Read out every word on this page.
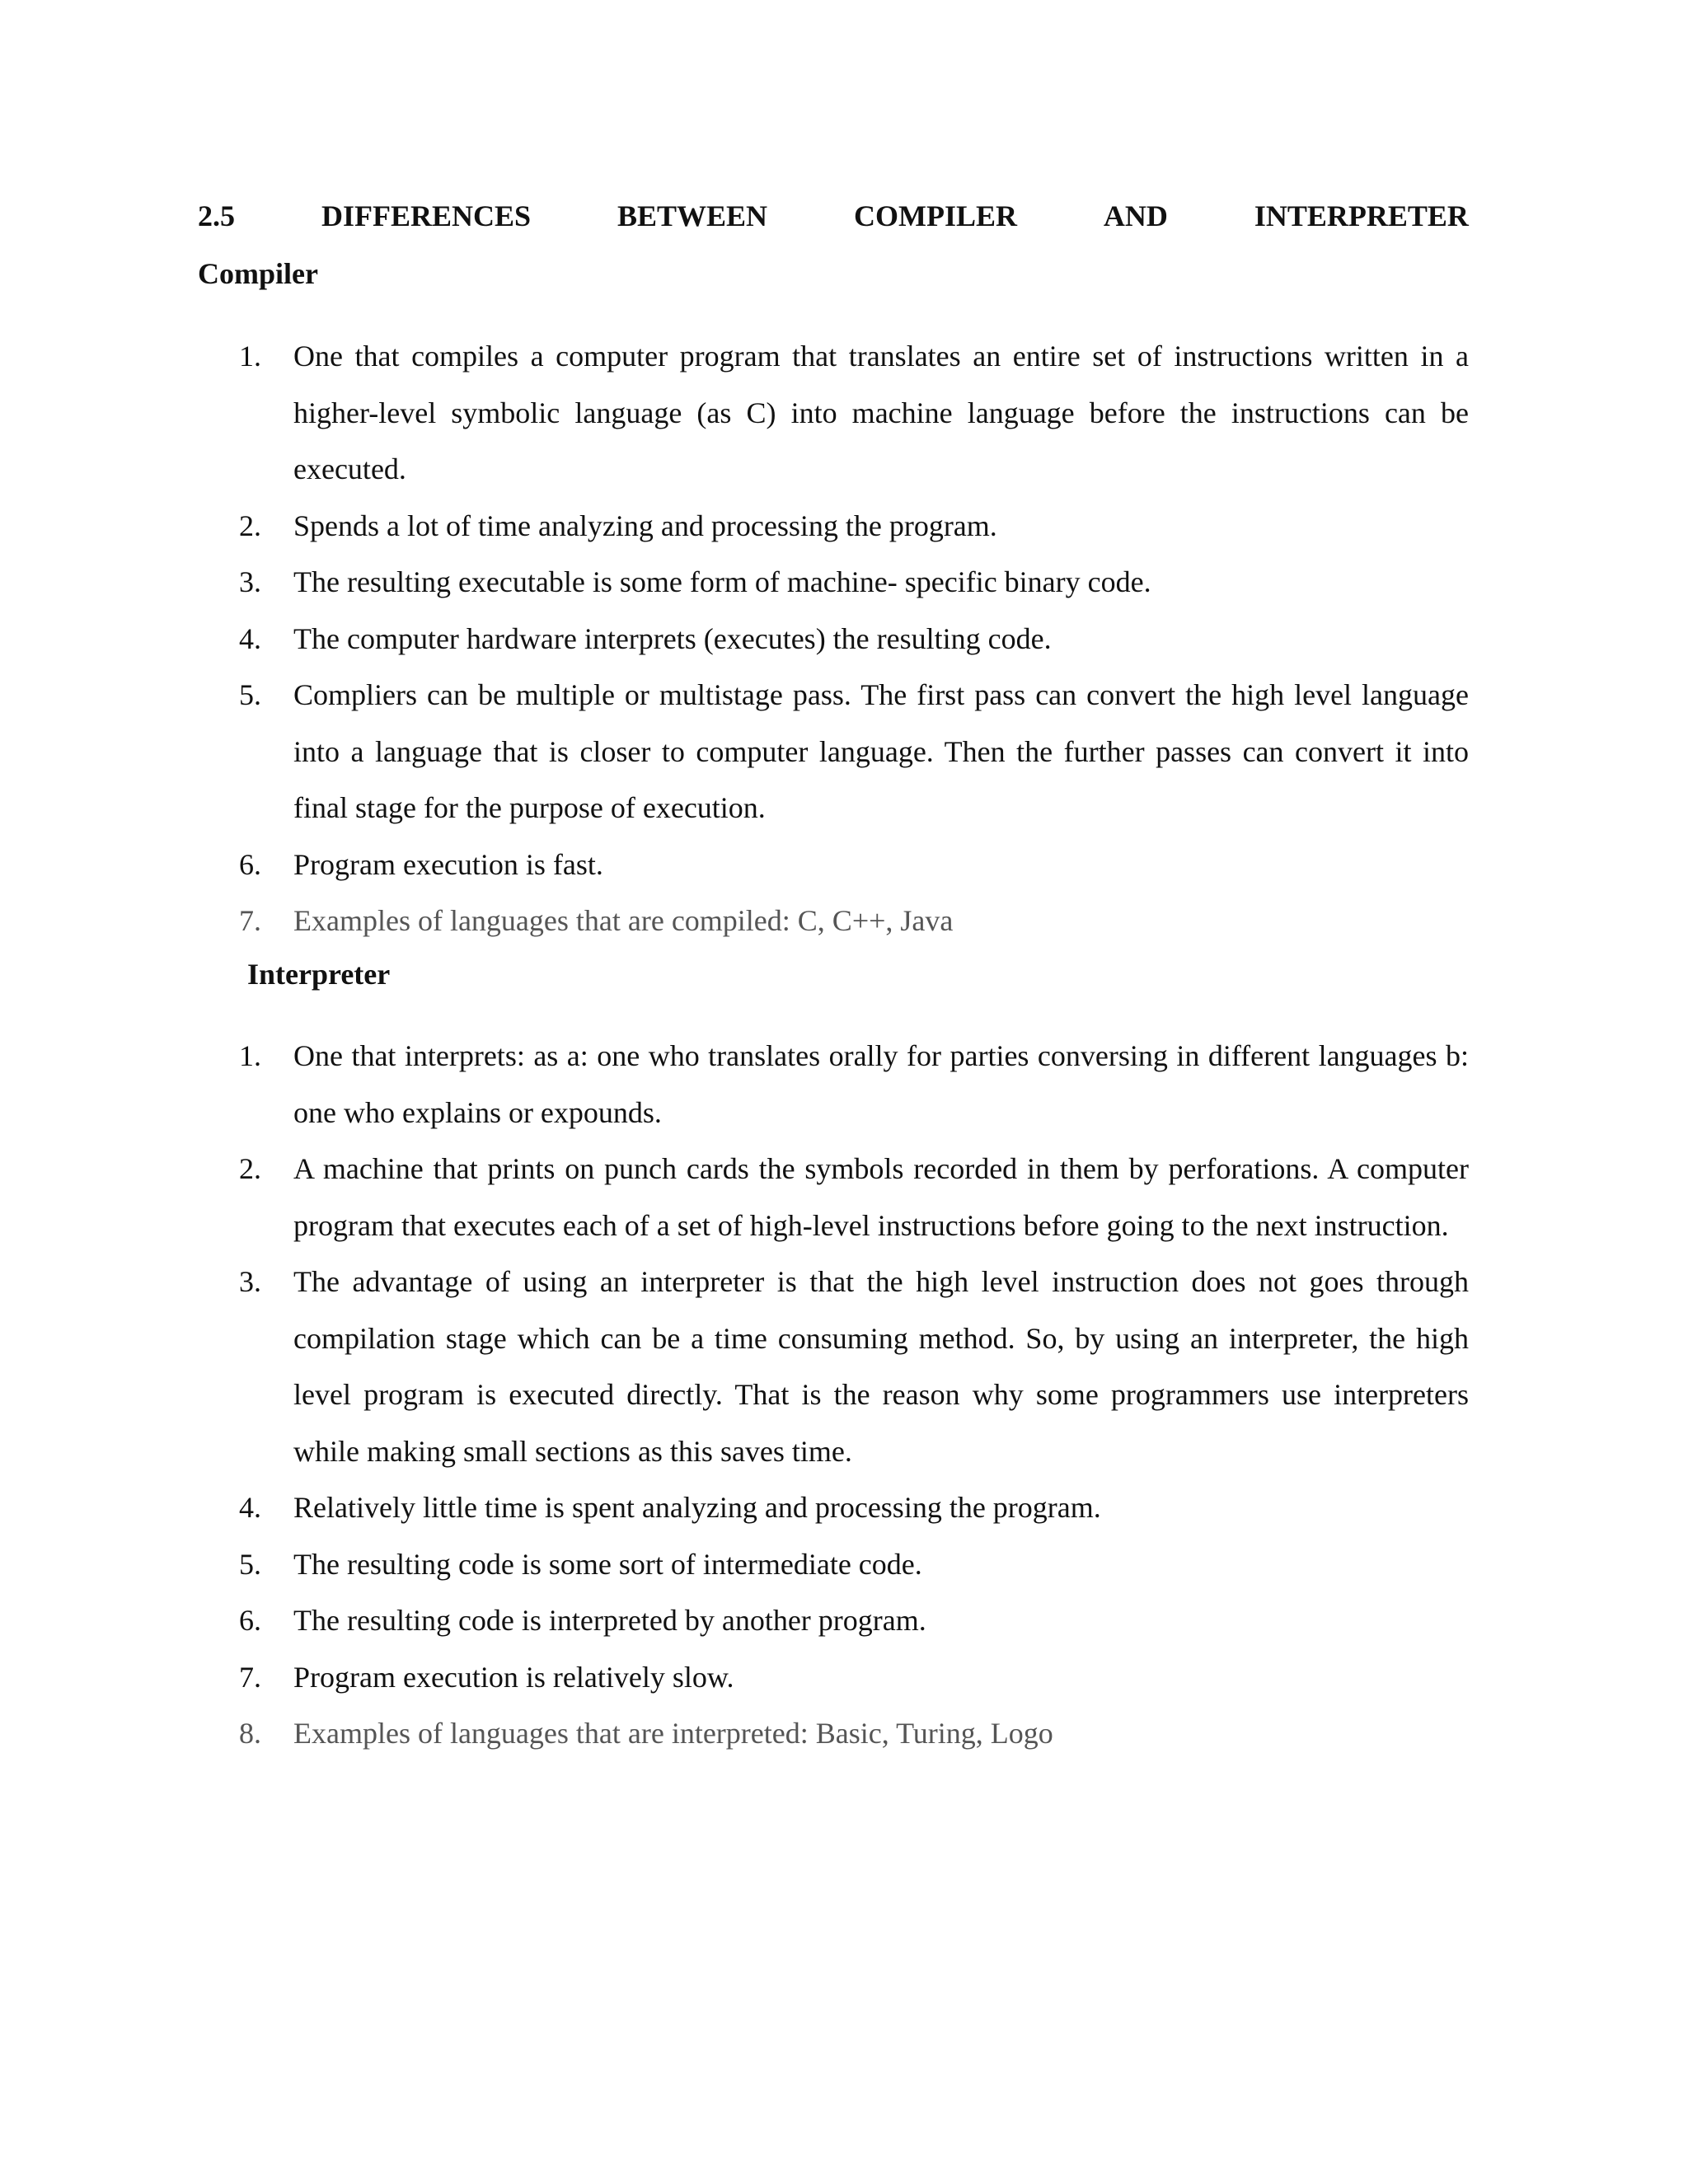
2.5	DIFFERENCES	BETWEEN	COMPILER	AND	INTERPRETER
Compiler
1.	One that compiles a computer program that translates an entire set of instructions written in a higher-level symbolic language (as C) into machine language before the instructions can be executed.
2.	Spends a lot of time analyzing and processing the program.
3.	The resulting executable is some form of machine- specific binary code.
4.	The computer hardware interprets (executes) the resulting code.
5.	Compliers can be multiple or multistage pass. The first pass can convert the high level language into a language that is closer to computer language. Then the further passes can convert it into final stage for the purpose of execution.
6.	Program execution is fast.
7.	Examples of languages that are compiled: C, C++, Java
Interpreter
1.	One that interprets: as a: one who translates orally for parties conversing in different languages b: one who explains or expounds.
2.	A machine that prints on punch cards the symbols recorded in them by perforations. A computer program that executes each of a set of high-level instructions before going to the next instruction.
3.	The advantage of using an interpreter is that the high level instruction does not goes through compilation stage which can be a time consuming method. So, by using an interpreter, the high level program is executed directly. That is the reason why some programmers use interpreters while making small sections as this saves time.
4.	Relatively little time is spent analyzing and processing the program.
5.	The resulting code is some sort of intermediate code.
6.	The resulting code is interpreted by another program.
7.	Program execution is relatively slow.
8.	Examples of languages that are interpreted: Basic, Turing, Logo
